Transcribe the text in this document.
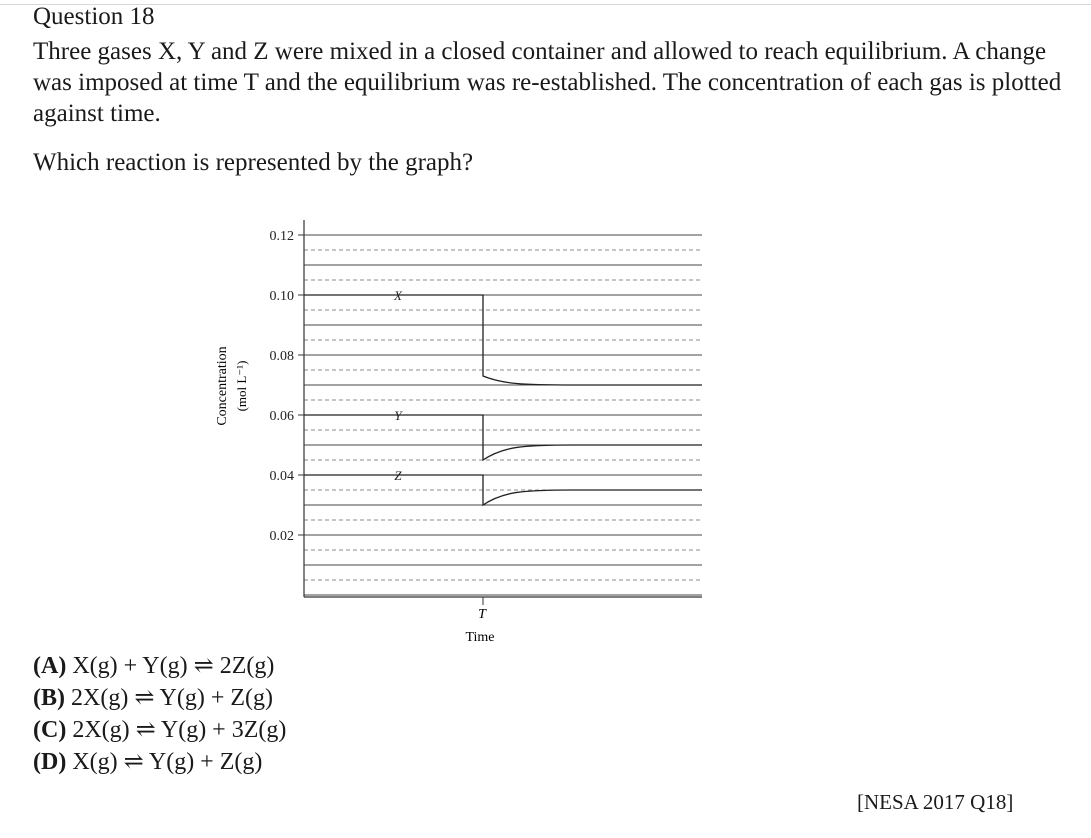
Question 18
Three gases X, Y and Z were mixed in a closed container and allowed to reach equilibrium. A change was imposed at time T and the equilibrium was re-established. The concentration of each gas is plotted against time.
Which reaction is represented by the graph?
0.12
0.10
0.08
0.06
0.04
0.02
X
Y
Z
Concentration (mol L⁻¹)
T
Time
(A) X(g) + Y(g) ⇌ 2Z(g)
(B) 2X(g) ⇌ Y(g) + Z(g)
(C) 2X(g) ⇌ Y(g) + 3Z(g)
(D) X(g) ⇌ Y(g) + Z(g)
[NESA 2017 Q18]
